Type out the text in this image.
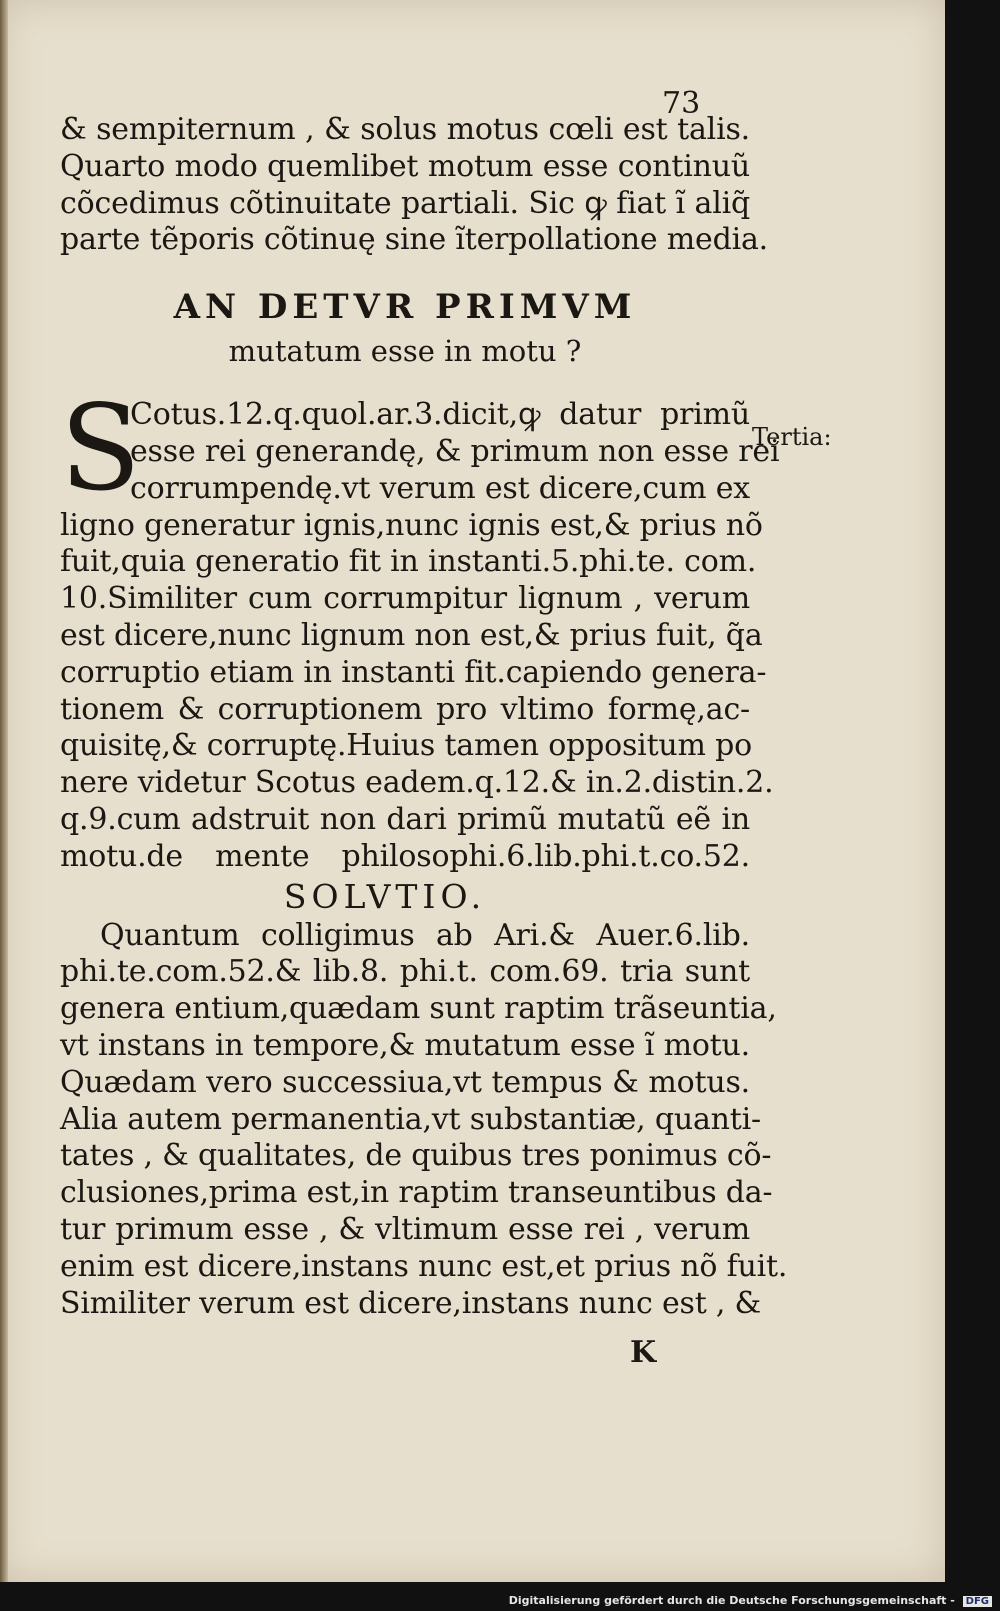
73
& sempiternum , & solus motus cœli est talis.
Quarto modo quemlibet motum esse continuũ
cõcedimus cõtinuitate partiali. Sic ꝙ fiat ĩ aliq̃
parte tẽporis cõtinuę sine ĩterpollatione media.
AN DETVR PRIMVM
mutatum esse in motu ?
S
Cotus.12.q.quol.ar.3.dicit,ꝙ datur primũ
esse rei generandę, & primum non esse rei
corrumpendę.vt verum est dicere,cum ex
ligno generatur ignis,nunc ignis est,& prius nõ
fuit,quia generatio fit in instanti.5.phi.te. com.
10.Similiter cum corrumpitur lignum , verum
est dicere,nunc lignum non est,& prius fuit, q̃a
corruptio etiam in instanti fit.capiendo genera-
tionem & corruptionem pro vltimo formę,ac-
quisitę,& corruptę.Huius tamen oppositum po
nere videtur Scotus eadem.q.12.& in.2.distin.2.
q.9.cum adstruit non dari primũ mutatũ eẽ in
motu.de mente philosophi.6.lib.phi.t.co.52.
SOLVTIO.
Quantum colligimus ab Ari.& Auer.6.lib.
phi.te.com.52.& lib.8. phi.t. com.69. tria sunt
genera entium,quædam sunt raptim trãseuntia,
vt instans in tempore,& mutatum esse ĩ motu.
Quædam vero successiua,vt tempus & motus.
Alia autem permanentia,vt substantiæ, quanti-
tates , & qualitates, de quibus tres ponimus cõ-
clusiones,prima est,in raptim transeuntibus da-
tur primum esse , & vltimum esse rei , verum
enim est dicere,instans nunc est,et prius nõ fuit.
Similiter verum est dicere,instans nunc est , &
Tertia:
K
Digitalisierung gefördert durch die Deutsche Forschungsgemeinschaft - DFG
